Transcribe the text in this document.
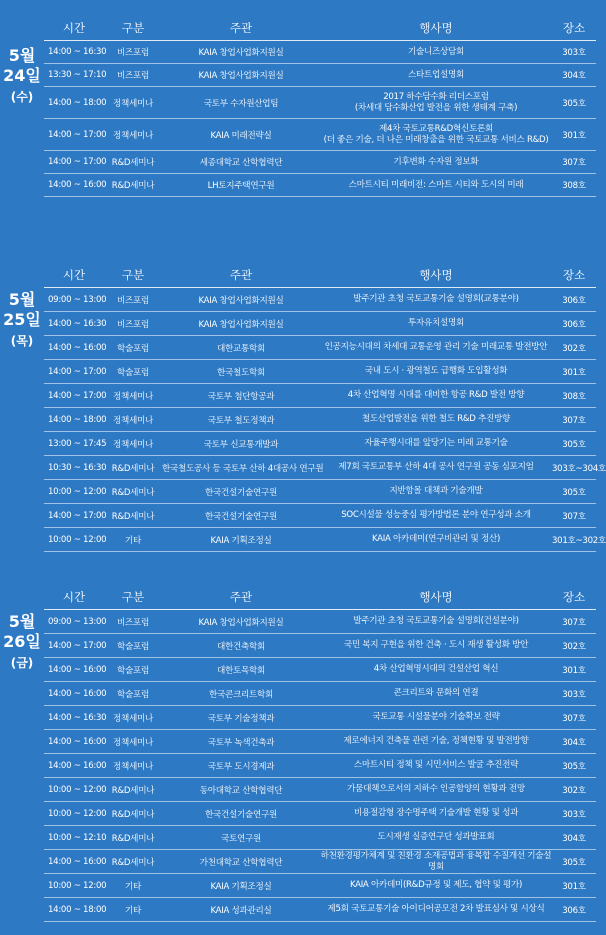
5월
24일
(수)
시간	구분	주관	행사명	장소
14:00 ~ 16:30	비즈포럼	KAIA 창업사업화지원실	기술니즈상담회	303호
13:30 ~ 17:10	비즈포럼	KAIA 창업사업화지원실	스타트업설명회	304호
14:00 ~ 18:00 정책세미나	국토부 수자원산업팀
2017 하수담수화 리더스포럼
(차세대 담수화산업 발전을 위한 생태계 구축)	305호
14:00 ~ 17:00 정책세미나	KAIA 미래전략실
제4차 국토교통R&D혁신토론회
(더 좋은 기술, 더 나은 미래창출을 위한 국토교통 서비스 R&D)	301호
14:00 ~ 17:00 R&D세미나	세종대학교 산학협력단	기후변화 수자원 정보화	307호
14:00 ~ 16:00 R&D세미나	LH토지주택연구원	스마트시티 미래비전: 스마트 시티와 도시의 미래	308호
5월
25일
(목)
시간	구분	주관	행사명	장소
09:00 ~ 13:00	비즈포럼	KAIA 창업사업화지원실	발주기관 초청 국토교통기술 설명회(교통분야)	306호
14:00 ~ 16:30	비즈포럼	KAIA 창업사업화지원실	투자유치설명회	306호
14:00 ~ 16:00	학술포럼	대한교통학회	인공지능시대의 차세대 교통운영 관리 기술 미래교통 발전방안	302호
14:00 ~ 17:00	학술포럼	한국철도학회	국내 도시 · 광역철도 급행화 도입활성화	301호
14:00 ~ 17:00 정책세미나	국토부 첨단항공과	4차 산업혁명 시대를 대비한 항공 R&D 발전 방향	308호
14:00 ~ 18:00 정책세미나	국토부 철도정책과	철도산업발전을 위한 철도 R&D 추진방향	307호
13:00 ~ 17:45 정책세미나	국토부 신교통개발과	자율주행시대를 앞당기는 미래 교통기술	305호
10:30 ~ 16:30 R&D세미나 한국철도공사 등 국토부 산하 4대공사 연구원	제7회 국토교통부 산하 4대 공사 연구원 공동 심포지엄	303호~304호
10:00 ~ 12:00 R&D세미나	한국건설기술연구원	지반함몰 대책과 기술개발	305호
14:00 ~ 17:00 R&D세미나	한국건설기술연구원	SOC시설물 성능중심 평가방법론 분야 연구성과 소개	307호
10:00 ~ 12:00	기타	KAIA 기획조정실	KAIA 아카데미(연구비관리 및 정산)	301호~302호
5월
26일
(금)
시간	구분	주관	행사명	장소
09:00 ~ 13:00	비즈포럼	KAIA 창업사업화지원실	발주기관 초청 국토교통기술 설명회(건설분야)	307호
14:00 ~ 17:00	학술포럼	대한건축학회	국민 복지 구현을 위한 건축 · 도시 재생 활성화 방안	302호
14:00 ~ 16:00	학술포럼	대한토목학회	4차 산업혁명시대의 건설산업 혁신	301호
14:00 ~ 16:00	학술포럼	한국콘크리트학회	콘크리트와 문화의 연결	303호
14:00 ~ 16:30 정책세미나	국토부 기술정책과	국토교통 시설물분야 기술확보 전략	307호
14:00 ~ 16:00 정책세미나	국토부 녹색건축과	제로에너지 건축물 관련 기술, 정책현황 및 발전방향	304호
14:00 ~ 16:00 정책세미나	국토부 도시경제과	스마트시티 정책 및 시민서비스 발굴 추진전략	305호
10:00 ~ 12:00 R&D세미나	동아대학교 산학협력단	가뭄대책으로서의 지하수 인공함양의 현황과 전망	302호
10:00 ~ 12:00 R&D세미나	한국건설기술연구원	비용절감형 장수명주택 기술개발 현황 및 성과	303호
10:00 ~ 12:10 R&D세미나	국토연구원	도시재생 실증연구단 성과발표회	304호
14:00 ~ 16:00 R&D세미나	가천대학교 산학협력단
하천환경평가체계 및 친환경 소재공법과 융복합 수질개선 기술설명회	305호
10:00 ~ 12:00	기타	KAIA 기획조정실	KAIA 아카데미(R&D규정 및 제도, 협약 및 평가)	301호
14:00 ~ 18:00	기타	KAIA 성과관리실	제5회 국토교통기술 아이디어공모전 2차 발표심사 및 시상식	306호
